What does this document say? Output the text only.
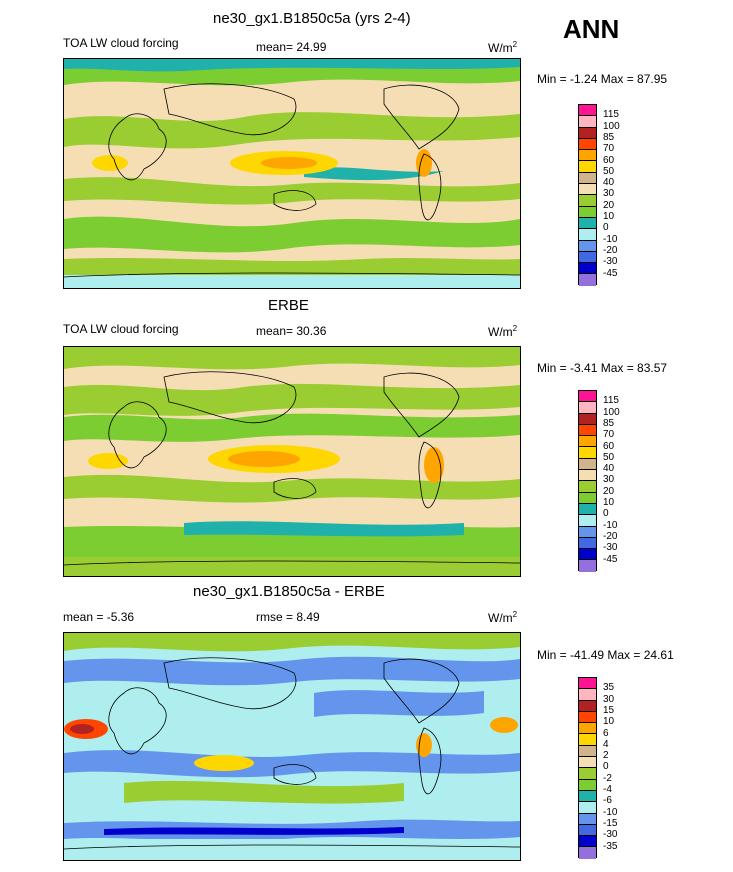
ANN
ne30_gx1.B1850c5a (yrs 2-4)
TOA LW cloud forcing	mean= 24.99	$W/m^2$
Min = -1.24 Max = 87.95
ERBE
TOA LW cloud forcing	mean= 30.36	$W/m^2$
Min = -3.41 Max = 83.57
ne30_gx1.B1850c5a - ERBE
mean = -5.36	rmse = 8.49	$W/m^2$
Min = -41.49 Max = 24.61
115
100
85
70
60
50
40
30
20
10
0
-10
-20
-30
-45
115
100
85
70
60
50
40
30
20
10
0
-10
-20
-30
-45
35
30
15
10
6
4
2
0
-2
-4
-6
-10
-15
-30
-35
